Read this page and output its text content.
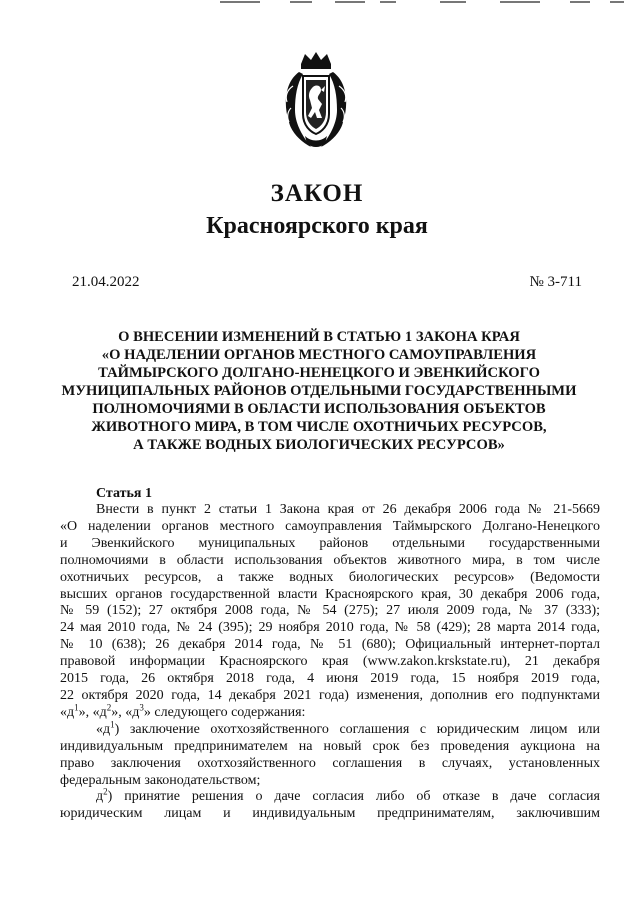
ЗАКОН
Красноярского края
21.04.2022	№ 3-711
О ВНЕСЕНИИ ИЗМЕНЕНИЙ В СТАТЬЮ 1 ЗАКОНА КРАЯ
«О НАДЕЛЕНИИ ОРГАНОВ МЕСТНОГО САМОУПРАВЛЕНИЯ
ТАЙМЫРСКОГО ДОЛГАНО-НЕНЕЦКОГО И ЭВЕНКИЙСКОГО
МУНИЦИПАЛЬНЫХ РАЙОНОВ ОТДЕЛЬНЫМИ ГОСУДАРСТВЕННЫМИ
ПОЛНОМОЧИЯМИ В ОБЛАСТИ ИСПОЛЬЗОВАНИЯ ОБЪЕКТОВ
ЖИВОТНОГО МИРА, В ТОМ ЧИСЛЕ ОХОТНИЧЬИХ РЕСУРСОВ,
А ТАКЖЕ ВОДНЫХ БИОЛОГИЧЕСКИХ РЕСУРСОВ»
Статья 1
Внести в пункт 2 статьи 1 Закона края от 26 декабря 2006 года № 21-5669
«О наделении органов местного самоуправления Таймырского Долгано-Ненецкого
и Эвенкийского муниципальных районов отдельными государственными
полномочиями в области использования объектов животного мира, в том числе
охотничьих ресурсов, а также водных биологических ресурсов» (Ведомости
высших органов государственной власти Красноярского края, 30 декабря 2006 года,
№ 59 (152); 27 октября 2008 года, № 54 (275); 27 июля 2009 года, № 37 (333);
24 мая 2010 года, № 24 (395); 29 ноября 2010 года, № 58 (429); 28 марта 2014 года,
№ 10 (638); 26 декабря 2014 года, № 51 (680); Официальный интернет-портал
правовой информации Красноярского края (www.zakon.krskstate.ru), 21 декабря
2015 года, 26 октября 2018 года, 4 июня 2019 года, 15 ноября 2019 года,
22 октября 2020 года, 14 декабря 2021 года) изменения, дополнив его подпунктами
«$д^1$», «$д^2$», «$д^3$» следующего содержания:
«$д^1$) заключение охотхозяйственного соглашения с юридическим лицом или
индивидуальным предпринимателем на новый срок без проведения аукциона на
право заключения охотхозяйственного соглашения в случаях, установленных
федеральным законодательством;
$д^2$) принятие решения о даче согласия либо об отказе в даче согласия
юридическим лицам и индивидуальным предпринимателям, заключившим
